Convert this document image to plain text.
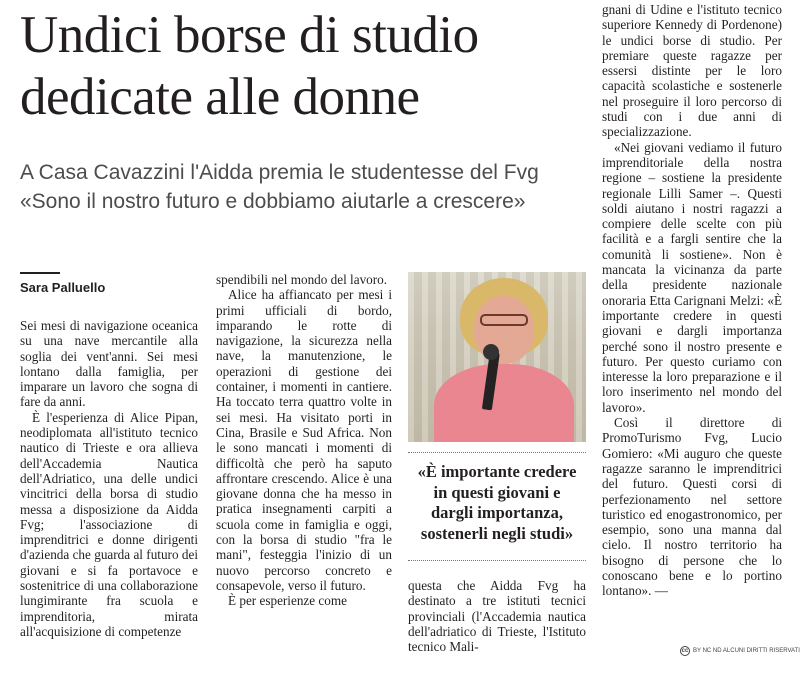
Undici borse di studio
dedicate alle donne
A Casa Cavazzini l'Aidda premia le studentesse del Fvg
«Sono il nostro futuro e dobbiamo aiutarle a crescere»
Sara Palluello

Sei mesi di navigazione oceanica su una nave mercantile alla soglia dei vent'anni. Sei mesi lontano dalla famiglia, per imparare un lavoro che sogna di fare da anni.

È l'esperienza di Alice Pipan, neodiplomata all'istituto tecnico nautico di Trieste e ora allieva dell'Accademia Nautica dell'Adriatico, una delle undici vincitrici della borsa di studio messa a disposizione da Aidda Fvg; l'associazione di imprenditrici e donne dirigenti d'azienda che guarda al futuro dei giovani e si fa portavoce e sostenitrice di una collaborazione lungimirante fra scuola e imprenditoria, mirata all'acquisizione di competenze

spendibili nel mondo del lavoro.

Alice ha affiancato per mesi i primi ufficiali di bordo, imparando le rotte di navigazione, la sicurezza nella nave, la manutenzione, le operazioni di gestione dei container, i momenti in cantiere. Ha toccato terra quattro volte in sei mesi. Ha visitato porti in Cina, Brasile e Sud Africa. Non le sono mancati i momenti di difficoltà che però ha saputo affrontare crescendo. Alice è una giovane donna che ha messo in pratica insegnamenti carpiti a scuola come in famiglia e oggi, con la borsa di studio "fra le mani", festeggia l'inizio di un nuovo percorso concreto e consapevole, verso il futuro.

È per esperienze come

«È importante credere
in questi giovani e
dargli importanza,
sostenerli negli studi»

questa che Aidda Fvg ha destinato a tre istituti tecnici provinciali (l'Accademia nautica dell'adriatico di Trieste, l'Istituto tecnico Mali-

gnani di Udine e l'istituto tecnico superiore Kennedy di Pordenone) le undici borse di studio. Per premiare queste ragazze per essersi distinte per le loro capacità scolastiche e sostenerle nel proseguire il loro percorso di studi con i due anni di specializzazione.

«Nei giovani vediamo il futuro imprenditoriale della nostra regione – sostiene la presidente regionale Lilli Samer –. Questi soldi aiutano i nostri ragazzi a compiere delle scelte con più facilità e a fargli sentire che la comunità li sostiene». Non è mancata la vicinanza da parte della presidente nazionale onoraria Etta Carignani Melzi: «È importante credere in questi giovani e dargli importanza perché sono il nostro presente e futuro. Per questo curiamo con interesse la loro preparazione e il loro inserimento nel mondo del lavoro».

Così il direttore di PromoTurismo Fvg, Lucio Gomiero: «Mi auguro che queste ragazze saranno le imprenditrici del futuro. Questi corsi di perfezionamento nel settore turistico ed enogastronomico, per esempio, sono una manna dal cielo. Il nostro territorio ha bisogno di persone che lo conoscano bene e lo portino lontano». —

cc BY NC ND ALCUNI DIRITTI RISERVATI
